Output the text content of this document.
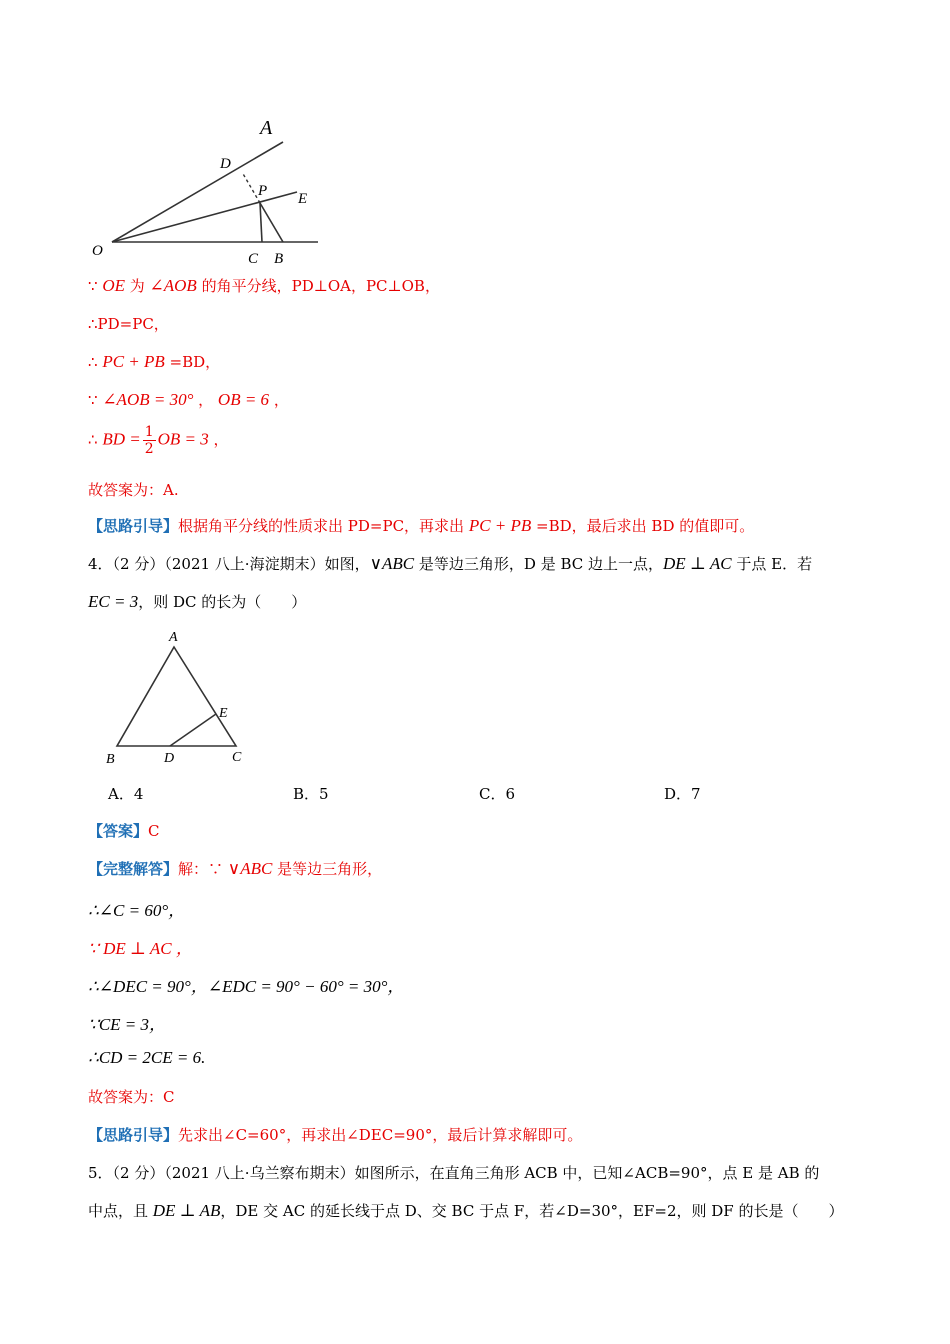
A
D
P E
O	C B
∵ OE 为 ∠AOB 的角平分线，PD⊥OA，PC⊥OB，
∴PD=PC，
∴ PC + PB =BD，
∵ ∠AOB = 30° ， OB = 6 ，
∴ BD = $\frac{1}{2}$ OB = 3 ，
故答案为：A.
【思路引导】根据角平分线的性质求出 PD=PC，再求出 PC + PB =BD，最后求出 BD 的值即可。
4．（2 分）（2021 八上·海淀期末）如图，∨ABC 是等边三角形，D 是 BC 边上一点，DE ⊥ AC 于点 E．若
EC = 3，则 DC 的长为（　　）
A
E
B	D	C
A．4	B．5	C．6	D．7
【答案】C
【完整解答】解：∵ ∨ABC 是等边三角形，
∴∠C = 60°，
∵ DE ⊥ AC ，
∴∠DEC = 90°，∠EDC = 90° − 60° = 30°，
∵CE = 3，
∴CD = 2CE = 6.
故答案为：C
【思路引导】先求出∠C=60°，再求出∠DEC=90°，最后计算求解即可。
5．（2 分）（2021 八上·乌兰察布期末）如图所示，在直角三角形 ACB 中，已知∠ACB=90°，点 E 是 AB 的
中点，且 DE ⊥ AB，DE 交 AC 的延长线于点 D、交 BC 于点 F，若∠D=30°，EF=2，则 DF 的长是（　　）
